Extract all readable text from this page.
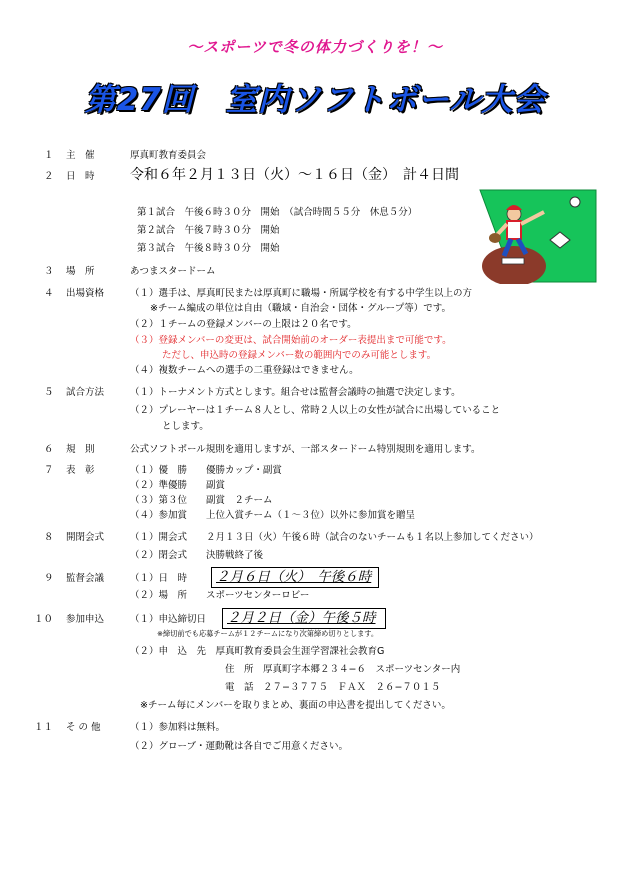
〜スポーツで冬の体力づくりを！〜
第27回　室内ソフトボール大会
１ 主　催	厚真町教育委員会
２ 日　時	令和６年２月１３日（火）〜１６日（金）　計４日間
第１試合　午後６時３０分　開始　（試合時間５５分　休息５分）
第２試合　午後７時３０分　開始
第３試合　午後８時３０分　開始
３ 場　所	あつまスタードーム
４ 出場資格	（１）選手は、厚真町民または厚真町に職場・所属学校を有する中学生以上の方
※チーム編成の単位は自由（職域・自治会・団体・グループ等）です。
（２）１チームの登録メンバーの上限は２０名です。
（３）登録メンバーの変更は、試合開始前のオーダー表提出まで可能です。
ただし、申込時の登録メンバー数の範囲内でのみ可能とします。
（４）複数チームへの選手の二重登録はできません。
５ 試合方法	（１）トーナメント方式とします。組合せは監督会議時の抽選で決定します。
（２）プレーヤーは１チーム８人とし、常時２人以上の女性が試合に出場していること
とします。
６ 規　則	公式ソフトボール規則を適用しますが、一部スタードーム特別規則を適用します。
７ 表　彰	（１）優　勝　　優勝カップ・副賞
（２）準優勝　　副賞
（３）第３位　　副賞　２チーム
（４）参加賞　　上位入賞チーム（１〜３位）以外に参加賞を贈呈
８ 開閉会式	（１）開会式　　２月１３日（火）午後６時（試合のないチームも１名以上参加してください）
（２）閉会式　　決勝戦終了後
９ 監督会議	（１）日　時 ２月６日（火）　午後６時
（２）場　所　　スポーツセンターロビー
１０ 参加申込	（１）申込締切日 ２月２日（金）午後５時
※締切前でも応募チームが１２チームになり次第締め切りとします。
（２）申　込　先　厚真町教育委員会生涯学習課社会教育G
住　所　厚真町字本郷２３４−６　スポーツセンター内
電　話　２７−３７７５　ＦＡＸ　２６−７０１５
※チーム毎にメンバーを取りまとめ、裏面の申込書を提出してください。
１１ そ の 他	（１）参加料は無料。
（２）グローブ・運動靴は各自でご用意ください。
